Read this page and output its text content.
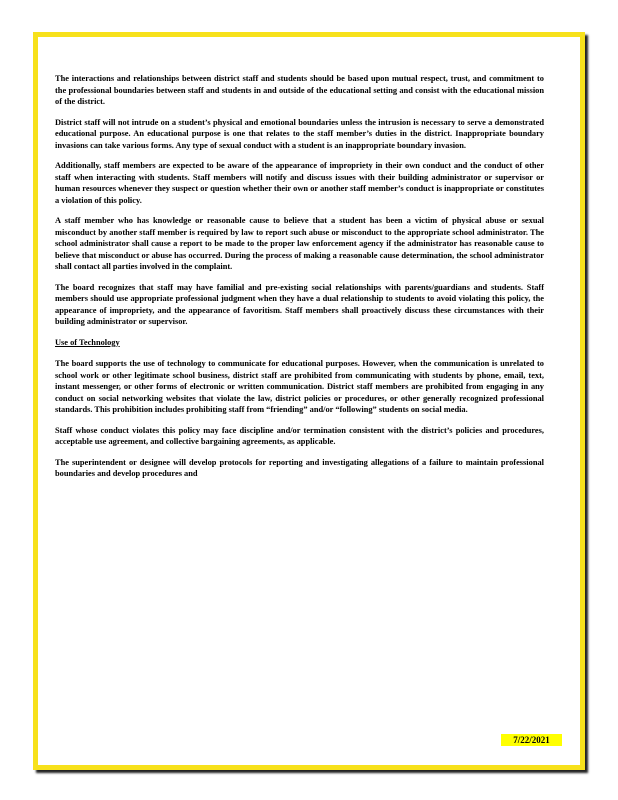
The interactions and relationships between district staff and students should be based upon mutual respect, trust, and commitment to the professional boundaries between staff and students in and outside of the educational setting and consist with the educational mission of the district.

District staff will not intrude on a student’s physical and emotional boundaries unless the intrusion is necessary to serve a demonstrated educational purpose. An educational purpose is one that relates to the staff member’s duties in the district. Inappropriate boundary invasions can take various forms. Any type of sexual conduct with a student is an inappropriate boundary invasion.

Additionally, staff members are expected to be aware of the appearance of impropriety in their own conduct and the conduct of other staff when interacting with students. Staff members will notify and discuss issues with their building administrator or supervisor or human resources whenever they suspect or question whether their own or another staff member’s conduct is inappropriate or constitutes a violation of this policy.

A staff member who has knowledge or reasonable cause to believe that a student has been a victim of physical abuse or sexual misconduct by another staff member is required by law to report such abuse or misconduct to the appropriate school administrator. The school administrator shall cause a report to be made to the proper law enforcement agency if the administrator has reasonable cause to believe that misconduct or abuse has occurred. During the process of making a reasonable cause determination, the school administrator shall contact all parties involved in the complaint.

The board recognizes that staff may have familial and pre-existing social relationships with parents/guardians and students. Staff members should use appropriate professional judgment when they have a dual relationship to students to avoid violating this policy, the appearance of impropriety, and the appearance of favoritism. Staff members shall proactively discuss these circumstances with their building administrator or supervisor.

Use of Technology

The board supports the use of technology to communicate for educational purposes. However, when the communication is unrelated to school work or other legitimate school business, district staff are prohibited from communicating with students by phone, email, text, instant messenger, or other forms of electronic or written communication. District staff members are prohibited from engaging in any conduct on social networking websites that violate the law, district policies or procedures, or other generally recognized professional standards. This prohibition includes prohibiting staff from “friending” and/or “following” students on social media.

Staff whose conduct violates this policy may face discipline and/or termination consistent with the district’s policies and procedures, acceptable use agreement, and collective bargaining agreements, as applicable.

The superintendent or designee will develop protocols for reporting and investigating allegations of a failure to maintain professional boundaries and develop procedures and

7/22/2021
